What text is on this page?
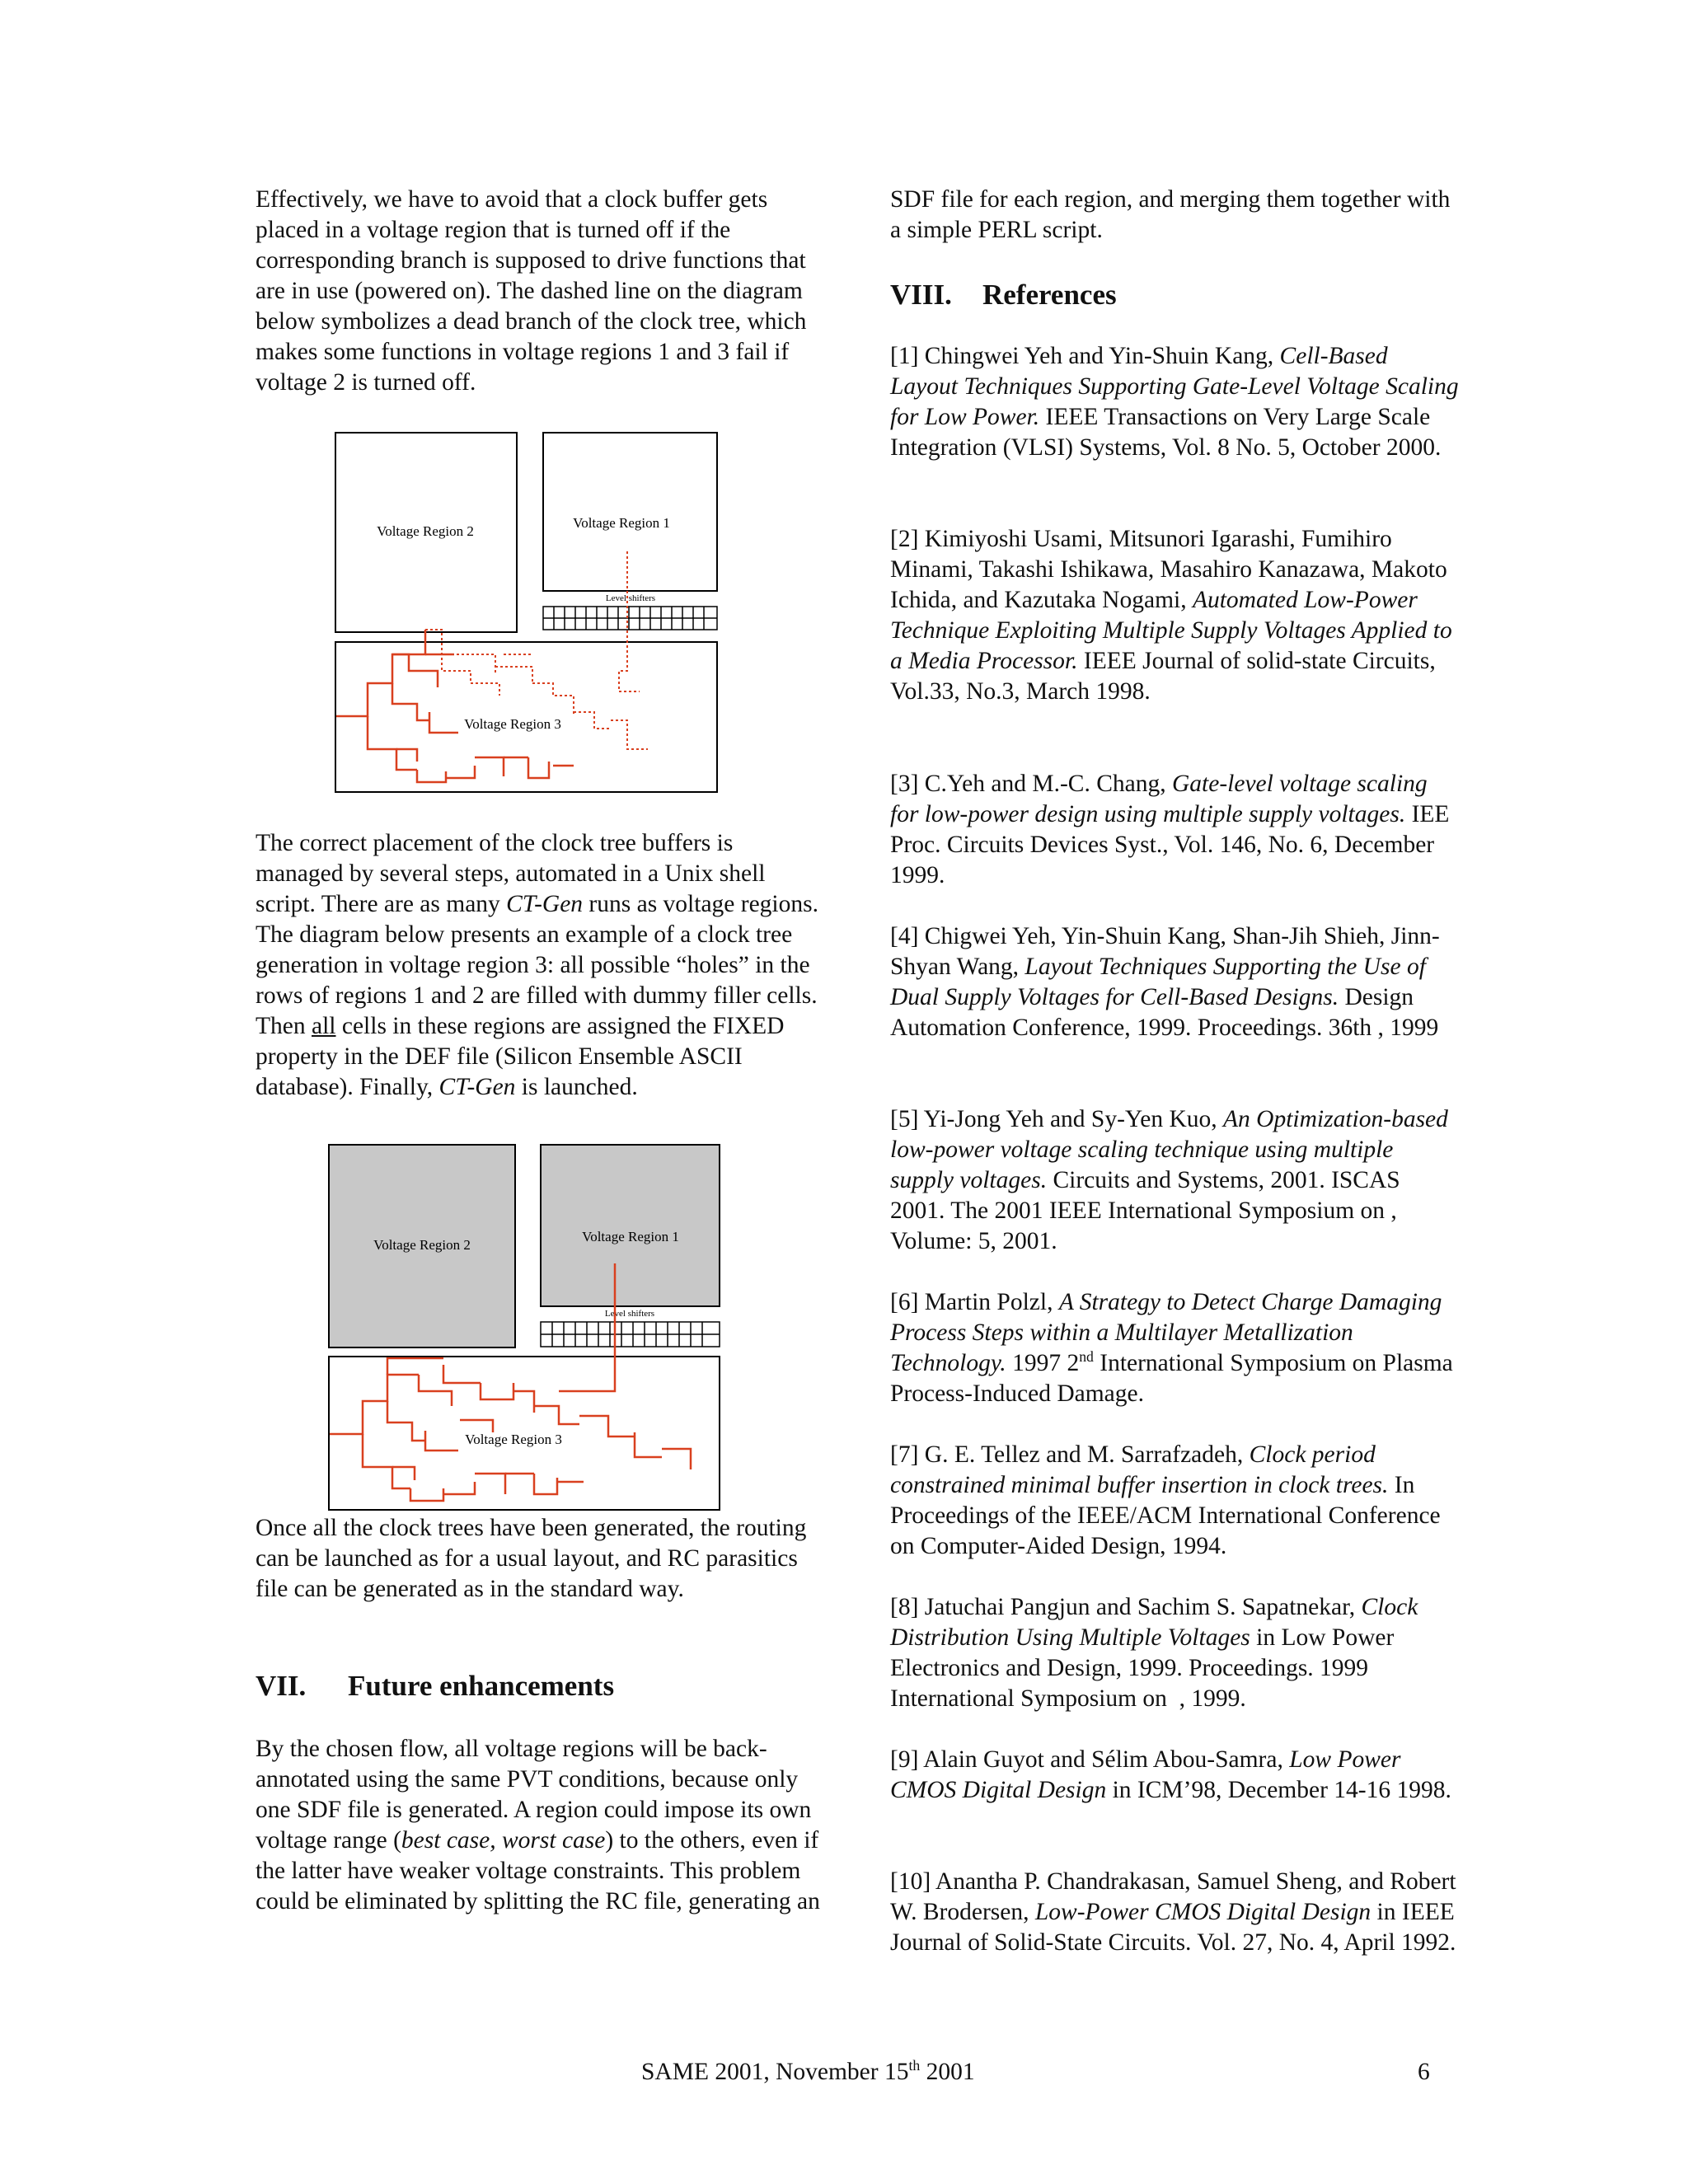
Effectively, we have to avoid that a clock buffer gets placed in a voltage region that is turned off if the corresponding branch is supposed to drive functions that are in use (powered on). The dashed line on the diagram below symbolizes a dead branch of the clock tree, which makes some functions in voltage regions 1 and 3 fail if voltage 2 is turned off.

Voltage Region 2
Voltage Region 1
Voltage Region 3
Level shifters

The correct placement of the clock tree buffers is managed by several steps, automated in a Unix shell script. There are as many CT-Gen runs as voltage regions. The diagram below presents an example of a clock tree generation in voltage region 3: all possible “holes” in the rows of regions 1 and 2 are filled with dummy filler cells. Then all cells in these regions are assigned the FIXED property in the DEF file (Silicon Ensemble ASCII database). Finally, CT-Gen is launched.

Voltage Region 2
Voltage Region 1
Voltage Region 3
Level shifters

Once all the clock trees have been generated, the routing can be launched as for a usual layout, and RC parasitics file can be generated as in the standard way.

VII. Future enhancements

By the chosen flow, all voltage regions will be back-annotated using the same PVT conditions, because only one SDF file is generated. A region could impose its own voltage range (best case, worst case) to the others, even if the latter have weaker voltage constraints. This problem could be eliminated by splitting the RC file, generating an

SDF file for each region, and merging them together with a simple PERL script.

VIII. References

[1] Chingwei Yeh and Yin-Shuin Kang, Cell-Based Layout Techniques Supporting Gate-Level Voltage Scaling for Low Power. IEEE Transactions on Very Large Scale Integration (VLSI) Systems, Vol. 8 No. 5, October 2000.

[2] Kimiyoshi Usami, Mitsunori Igarashi, Fumihiro Minami, Takashi Ishikawa, Masahiro Kanazawa, Makoto Ichida, and Kazutaka Nogami, Automated Low-Power Technique Exploiting Multiple Supply Voltages Applied to a Media Processor. IEEE Journal of solid-state Circuits, Vol.33, No.3, March 1998.

[3] C.Yeh and M.-C. Chang, Gate-level voltage scaling for low-power design using multiple supply voltages. IEE Proc. Circuits Devices Syst., Vol. 146, No. 6, December 1999.

[4] Chigwei Yeh, Yin-Shuin Kang, Shan-Jih Shieh, Jinn-Shyan Wang, Layout Techniques Supporting the Use of Dual Supply Voltages for Cell-Based Designs. Design Automation Conference, 1999. Proceedings. 36th , 1999

[5] Yi-Jong Yeh and Sy-Yen Kuo, An Optimization-based low-power voltage scaling technique using multiple supply voltages. Circuits and Systems, 2001. ISCAS 2001. The 2001 IEEE International Symposium on , Volume: 5, 2001.

[6] Martin Polzl, A Strategy to Detect Charge Damaging Process Steps within a Multilayer Metallization Technology. 1997 2nd International Symposium on Plasma Process-Induced Damage.

[7] G. E. Tellez and M. Sarrafzadeh, Clock period constrained minimal buffer insertion in clock trees. In Proceedings of the IEEE/ACM International Conference on Computer-Aided Design, 1994.

[8] Jatuchai Pangjun and Sachim S. Sapatnekar, Clock Distribution Using Multiple Voltages in Low Power Electronics and Design, 1999. Proceedings. 1999 International Symposium on  , 1999.

[9] Alain Guyot and Sélim Abou-Samra, Low Power CMOS Digital Design in ICM’98, December 14-16 1998.

[10] Anantha P. Chandrakasan, Samuel Sheng, and Robert W. Brodersen, Low-Power CMOS Digital Design in IEEE Journal of Solid-State Circuits. Vol. 27, No. 4, April 1992.

SAME 2001, November 15th 2001	6
